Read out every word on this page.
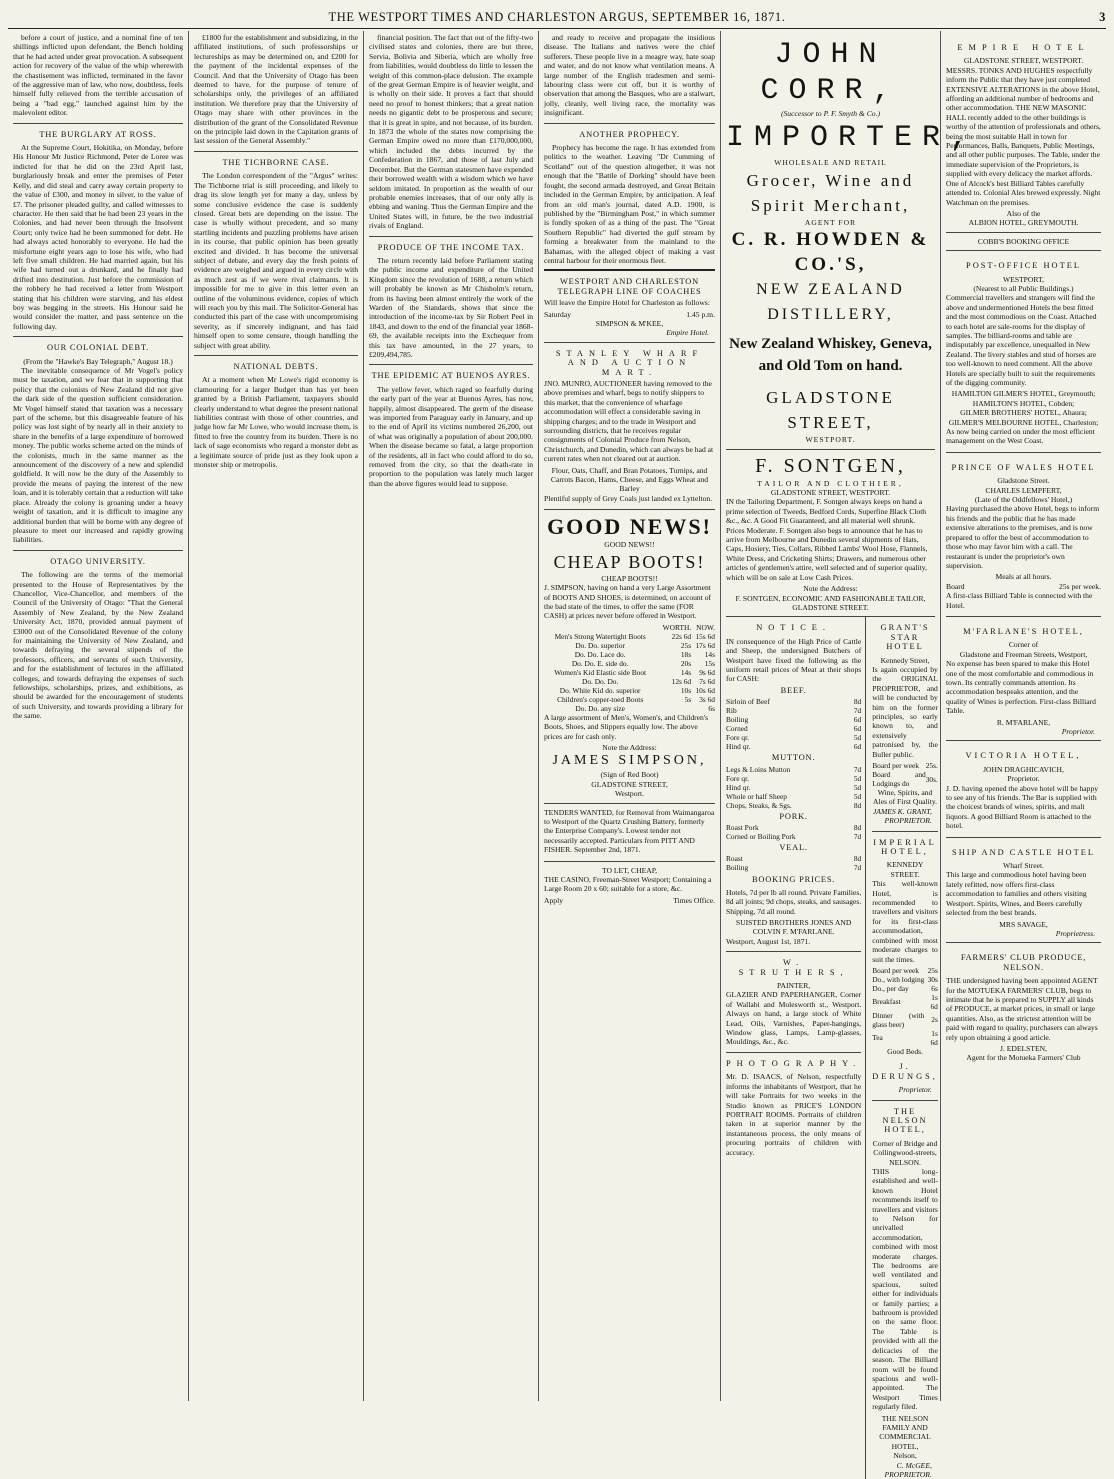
THE WESTPORT TIMES AND CHARLESTON ARGUS, SEPTEMBER 16, 1871.	3

before a court of justice, and a nominal fine of ten shillings inflicted upon defendant, the Bench holding that he had acted under great provocation. A subsequent action for recovery of the value of the whip wherewith the chastisement was inflicted, terminated in the favor of the aggressive man of law, who now, doubtless, feels himself fully relieved from the terrible accusation of being a "bad egg," launched against him by the malevolent editor.

THE BURGLARY AT ROSS.

At the Supreme Court, Hokitika, on Monday, before His Honour Mr Justice Richmond, Peter de Loree was indicted for that he did on the 23rd April last, burglariously break and enter the premises of Peter Kelly, and did steal and carry away certain property to the value of £300, and money in silver, to the value of £7. The prisoner pleaded guilty, and called witnesses to character. He then said that he had been 23 years in the Colonies, and had never been through the Insolvent Court; only twice had he been summoned for debt. He had always acted honorably to everyone. He had the misfortune eight years ago to lose his wife, who had left five small children. He had married again, but his wife had turned out a drunkard, and he finally had drifted into destitution. Just before the commission of the robbery he had received a letter from Westport stating that his children were starving, and his eldest boy was begging in the streets. His Honour said he would consider the matter, and pass sentence on the following day.

OUR COLONIAL DEBT.
(From the "Hawke's Bay Telegraph," August 18.)

The inevitable consequence of Mr Vogel's policy must be taxation, and we fear that in supporting that policy that the colonists of New Zealand did not give the dark side of the question sufficient consideration. Mr Vogel himself stated that taxation was a necessary part of the scheme, but this disagreeable feature of his policy was lost sight of by nearly all in their anxiety to share in the benefits of a large expenditure of borrowed money. The public works scheme acted on the minds of the colonists, much in the same manner as the announcement of the discovery of a new and splendid goldfield. It will now be the duty of the Assembly to provide the means of paying the interest of the new loan, and it is tolerably certain that a reduction will take place. Already the colony is groaning under a heavy weight of taxation, and it is difficult to imagine any additional burden that will be borne with any degree of pleasure to meet our increased and rapidly growing liabilities.

OTAGO UNIVERSITY.

The following are the terms of the memorial presented to the House of Representatives by the Chancellor, Vice-Chancellor, and members of the Council of the University of Otago: "That the General Assembly of New Zealand, by the New Zealand University Act, 1870, provided annual payment of £3000 out of the Consolidated Revenue of the colony for maintaining the University of New Zealand, and towards defraying the several stipends of the professors, officers, and servants of such University, and for the establishment of lectures in the affiliated colleges, and towards defraying the expenses of such fellowships, scholarships, prizes, and exhibitions, as should be awarded for the encouragement of students of such University, and towards providing a library for the same.

£1800 for the establishment and subsidizing, in the affiliated institutions, of such professorships or lectureships as may be determined on, and £200 for the payment of the incidental expenses of the Council. And that the University of Otago has been deemed to have, for the purpose of tenure of scholarships only, the privileges of an affiliated institution. We therefore pray that the University of Otago may share with other provinces in the distribution of the grant of the Consolidated Revenue on the principle laid down in the Capitation grants of last session of the General Assembly."

THE TICHBORNE CASE.

The London correspondent of the "Argus" writes: The Tichborne trial is still proceeding, and likely to drag its slow length yet for many a day, unless by some conclusive evidence the case is suddenly closed. Great bets are depending on the issue. The case is wholly without precedent, and so many startling incidents and puzzling problems have arisen in its course, that public opinion has been greatly excited and divided. It has become the universal subject of debate, and every day the fresh points of evidence are weighed and argued in every circle with as much zest as if we were rival claimants. It is impossible for me to give in this letter even an outline of the voluminous evidence, copies of which will reach you by this mail. The Solicitor-General has conducted this part of the case with uncompromising severity, as if sincerely indignant, and has laid himself open to some censure, though handling the subject with great ability.

NATIONAL DEBTS.

At a moment when Mr Lowe's rigid economy is clamouring for a larger Budget than has yet been granted by a British Parliament, taxpayers should clearly understand to what degree the present national liabilities contrast with those of other countries, and judge how far Mr Lowe, who would increase them, is fitted to free the country from its burden. There is no lack of sage economists who regard a monster debt as a legitimate source of pride just as they look upon a monster ship or metropolis.

financial position. The fact that out of the fifty-two civilised states and colonies, there are but three, Servia, Bolivia and Siberia, which are wholly free from liabilities, would doubtless do little to lessen the weight of this common-place delusion. The example of the great German Empire is of heavier weight, and is wholly on their side. It proves a fact that should need no proof to honest thinkers; that a great nation needs no gigantic debt to be prosperous and secure; that it is great in spite, and not because, of its burden. In 1873 the whole of the states now comprising the German Empire owed no more than £170,000,000, which included the debts incurred by the Confederation in 1867, and those of last July and December. But the German statesmen have expended their borrowed wealth with a wisdom which we have seldom imitated. In proportion as the wealth of our probable enemies increases, that of our only ally is ebbing and waning. Thus the German Empire and the United States will, in future, be the two industrial rivals of England.

PRODUCE OF THE INCOME TAX.

The return recently laid before Parliament stating the public income and expenditure of the United Kingdom since the revolution of 1688, a return which will probably be known as Mr Chisholm's return, from its having been almost entirely the work of the Warden of the Standards, shows that since the introduction of the income-tax by Sir Robert Peel in 1843, and down to the end of the financial year 1868-69, the available receipts into the Exchequer from this tax have amounted, in the 27 years, to £209,494,785.

THE EPIDEMIC AT BUENOS AYRES.

The yellow fever, which raged so fearfully during the early part of the year at Buenos Ayres, has now, happily, almost disappeared. The germ of the disease was imported from Paraguay early in January, and up to the end of April its victims numbered 26,200, out of what was originally a population of about 200,000. When the disease became so fatal, a large proportion of the residents, all in fact who could afford to do so, removed from the city, so that the death-rate in proportion to the population was lately much larger than the above figures would lead to suppose.

and ready to receive and propagate the insidious disease. The Italians and natives were the chief sufferers. These people live in a meagre way, hate soap and water, and do not know what ventilation means. A large number of the English tradesmen and semi-labouring class were cut off, but it is worthy of observation that among the Basques, who are a stalwart, jolly, cleanly, well living race, the mortality was insignificant.

ANOTHER PROPHECY.

Prophecy has become the rage. It has extended from politics to the weather. Leaving "Dr Cumming of Scotland" out of the question altogether, it was not enough that the "Battle of Dorking" should have been fought, the second armada destroyed, and Great Britain included in the German Empire, by anticipation. A leaf from an old man's journal, dated A.D. 1900, is published by the "Birmingham Post," in which summer is fondly spoken of as a thing of the past. The "Great Southern Republic" had diverted the gulf stream by forming a breakwater from the mainland to the Bahamas, with the alleged object of making a vast central harbour for their enormous fleet.

WESTPORT AND CHARLESTON TELEGRAPH LINE OF COACHES

Will leave the Empire Hotel for Charleston as follows:

Saturday	1.45 p.m.
SIMPSON & M'KEE,
Empire Hotel.
STANLEY WHARF AND AUCTION MART.

JNO. MUNRO, AUCTIONEER having removed to the above premises and wharf, begs to notify shippers to this market, that the convenience of wharfage accommodation will effect a considerable saving in shipping charges; and to the trade in Westport and surrounding districts, that he receives regular consignments of Colonial Produce from Nelson, Christchurch, and Dunedin, which can always be had at current rates when not cleared out at auction.

Flour, Oats, Chaff, and Bran Potatoes, Turnips, and Carrots Bacon, Hams, Cheese, and Eggs Wheat and Barley

Plentiful supply of Grey Coals just landed ex Lyttelton.

GOOD NEWS!
GOOD NEWS!!
CHEAP BOOTS!
CHEAP BOOTS!!

J. SIMPSON, having on hand a very Large Assortment of BOOTS AND SHOES, is determined, on account of the bad state of the times, to offer the same (FOR CASH) at prices never before offered in Westport.

	WORTH.	NOW.
Men's Strong Watertight Boots	22s 6d	15s 6d
Do. Do. superior	25s	17s 6d
Do. Do. Lace do.	18s	14s
Do. Do. E. side do.	20s	15s
Women's Kid Elastic side Boot	14s	9s 6d
Do. Do. Do.	12s 6d	7s 6d
Do. White Kid do. superior	10s	10s 6d
Children's copper-toed Boots	5s	3s 6d
Do. Do. any size		6s

A large assortment of Men's, Women's, and Children's Boots, Shoes, and Slippers equally low. The above prices are for cash only.

Note the Address:
JAMES SIMPSON,
(Sign of Red Boot)
GLADSTONE STREET,
Westport.

TENDERS WANTED, for Removal from Waimangaroa to Westport of the Quartz Crushing Battery, formerly the Enterprise Company's. Lowest tender not necessarily accepted. Particulars from PITT AND FISHER. September 2nd, 1871.

TO LET, CHEAP,

THE CASINO, Freeman-Street Westport; Containing a Large Room 20 x 60; suitable for a store, &c.

Apply	Times Office.
JOHN CORR,
(Successor to P. F. Smyth & Co.)
IMPORTER,
WHOLESALE AND RETAIL
Grocer, Wine and Spirit Merchant,
AGENT FOR
C. R. HOWDEN & CO.'S,
NEW ZEALAND DISTILLERY,
New Zealand Whiskey, Geneva,
and Old Tom on hand.
GLADSTONE STREET,
WESTPORT.
F. SONTGEN,
TAILOR AND CLOTHIER,
GLADSTONE STREET, WESTPORT.

IN the Tailoring Department, F. Sontgen always keeps on hand a prime selection of Tweeds, Bedford Cords, Superfine Black Cloth &c., &c. A Good Fit Guaranteed, and all material well shrunk. Prices Moderate. F. Sontgen also begs to announce that he has to arrive from Melbourne and Dunedin several shipments of Hats, Caps, Hosiery, Ties, Collars, Ribbed Lambs' Wool Hose, Flannels, White Dress, and Cricketing Shirts; Drawers, and numerous other articles of gentlemen's attire, well selected and of superior quality, which will be on sale at Low Cash Prices.

Note the Address:
F. SONTGEN, ECONOMIC AND FASHIONABLE TAILOR,
GLADSTONE STREET.
NOTICE.

IN consequence of the High Price of Cattle and Sheep, the undersigned Butchers of Westport have fixed the following as the uniform retail prices of Meat at their shops for CASH:

BEEF.
Sirloin of Beef	8d
Rib	7d
Boiling	6d
Corned	6d
Fore qr.	5d
Hind qr.	6d
MUTTON.
Legs & Loins Mutton	7d
Fore qr.	5d
Hind qr.	5d
Whole or half Sheep	5d
Chops, Steaks, & Sgs.	8d
PORK.
Roast Pork	8d
Corned or Boiling Pork	7d
VEAL.
Roast	8d
Boiling	7d
BOOKING PRICES.

Hotels, 7d per lb all round. Private Families, 8d all joints; 9d chops, steaks, and sausages. Shipping, 7d all round.

SUISTED BROTHERS JONES AND COLVIN F. M'FARLANE.
Westport, August 1st, 1871.
W. STRUTHERS,
PAINTER,

GLAZIER AND PAPERHANGER, Corner of Wallabi and Molesworth st., Westport. Always on hand, a large stock of White Lead, Oils, Varnishes, Paper-hangings, Window glass, Lamps, Lamp-glasses, Mouldings, &c., &c.

PHOTOGRAPHY.

Mr. D. ISAACS, of Nelson, respectfully informs the inhabitants of Westport, that he will take Portraits for two weeks in the Studio known as PRICE'S LONDON PORTRAIT ROOMS. Portraits of children taken in at superior manner by the instantaneous process, the only means of procuring portraits of children with accuracy.

GRANT'S STAR HOTEL
Kennedy Street,

Is again occupied by the ORIGINAL PROPRIETOR, and will be conducted by him on the former principles, so early known to, and extensively patronised by, the Buller public.

Board per week	25s.
Board and Lodgings do	30s.
Wine, Spirits, and Ales of First Quality.
JAMES K. GRANT, PROPRIETOR.
IMPERIAL HOTEL,
KENNEDY STREET.

This well-known Hotel, is recommended to travellers and visitors for its first-class accommodation, combined with most moderate charges to suit the times.

Board per week	25s
Do., with lodging	30s
Do., per day	6s
Breakfast	1s 6d
Dinner (with glass beer)	2s
Tea	1s 6d
Good Beds.
J. DERUNGS,
Proprietor.
THE NELSON HOTEL,
Corner of Bridge and Collingwood-streets, NELSON.

THIS long-established and well-known Hotel recommends itself to travellers and visitors to Nelson for unrivalled accommodation, combined with most moderate charges. The bedrooms are well ventilated and spacious, suited either for individuals or family parties; a bathroom is provided on the same floor. The Table is provided with all the delicacies of the season. The Billiard room will be found spacious and well-appointed. The Westport Times regularly filed.

THE NELSON FAMILY AND COMMERCIAL HOTEL,
Nelson,
C. McGEE, PROPRIETOR.
EMPIRE HOTEL
GLADSTONE STREET, WESTPORT.

MESSRS. TONKS AND HUGHES respectfully inform the Public that they have just completed EXTENSIVE ALTERATIONS in the above Hotel, affording an additional number of bedrooms and other accommodation. THE NEW MASONIC HALL recently added to the other buildings is worthy of the attention of professionals and others, being the most suitable Hall in town for Performances, Balls, Banquets, Public Meetings, and all other public purposes. The Table, under the immediate supervision of the Proprietors, is supplied with every delicacy the market affords. One of Alcock's best Billiard Tables carefully attended to. Colonial Ales brewed expressly. Night Watchman on the premises.

Also of the
ALBION HOTEL, GREYMOUTH.
COBB'S BOOKING OFFICE
POST-OFFICE HOTEL
WESTPORT,
(Nearest to all Public Buildings.)

Commercial travellers and strangers will find the above and undermentioned Hotels the best fitted and the most commodious on the Coast. Attached to each hotel are sale-rooms for the display of samples. The billiard-rooms and table are indisputably par excellence, unequalled in New Zealand. The livery stables and stud of horses are too well-known to need comment. All the above Hotels are specially built to suit the requirements of the digging community.

HAMILTON GILMER'S HOTEL, Greymouth;
HAMILTON'S HOTEL, Cobden;
GILMER BROTHERS' HOTEL, Ahaura;
GILMER'S MELBOURNE HOTEL, Charleston;

As now being carried on under the most efficient management on the West Coast.

PRINCE OF WALES HOTEL
Gladstone Street.
CHARLES LEMPFERT,
(Late of the Oddfellows' Hotel,)

Having purchased the above Hotel, begs to inform his friends and the public that he has made extensive alterations to the premises, and is now prepared to offer the best of accommodation to those who may favor him with a call. The restaurant is under the proprietor's own supervision.

Meals at all hours.
Board	25s per week.

A first-class Billiard Table is connected with the Hotel.

M'FARLANE'S HOTEL,
Corner of
Gladstone and Freeman Streets, Westport,

No expense has been spared to make this Hotel one of the most comfortable and commodious in town. Its centrally commands attention. Its accommodation bespeaks attention, and the quality of Wines is perfection. First-class Billiard Table.

R. M'FARLANE,
Proprietor.
VICTORIA HOTEL,
JOHN DRAGHICAVICH,
Proprietor.

J. D. having opened the above hotel will be happy to see any of his friends. The Bar is supplied with the choicest brands of wines, spirits, and malt liquors. A good Billiard Room is attached to the hotel.

SHIP AND CASTLE HOTEL
Wharf Street.

This large and commodious hotel having been lately refitted, now offers first-class accommodation to families and others visiting Westport. Spirits, Wines, and Beers carefully selected from the best brands.

MRS SAVAGE,
Proprietress.
FARMERS' CLUB PRODUCE, NELSON.

THE undersigned having been appointed AGENT for the MOTUEKA FARMERS' CLUB, begs to intimate that he is prepared to SUPPLY all kinds of PRODUCE, at market prices, in small or large quantities. Also, as the strictest attention will be paid with regard to quality, purchasers can always rely upon obtaining a good article.

J. EDELSTEN,
Agent for the Motueka Farmers' Club
